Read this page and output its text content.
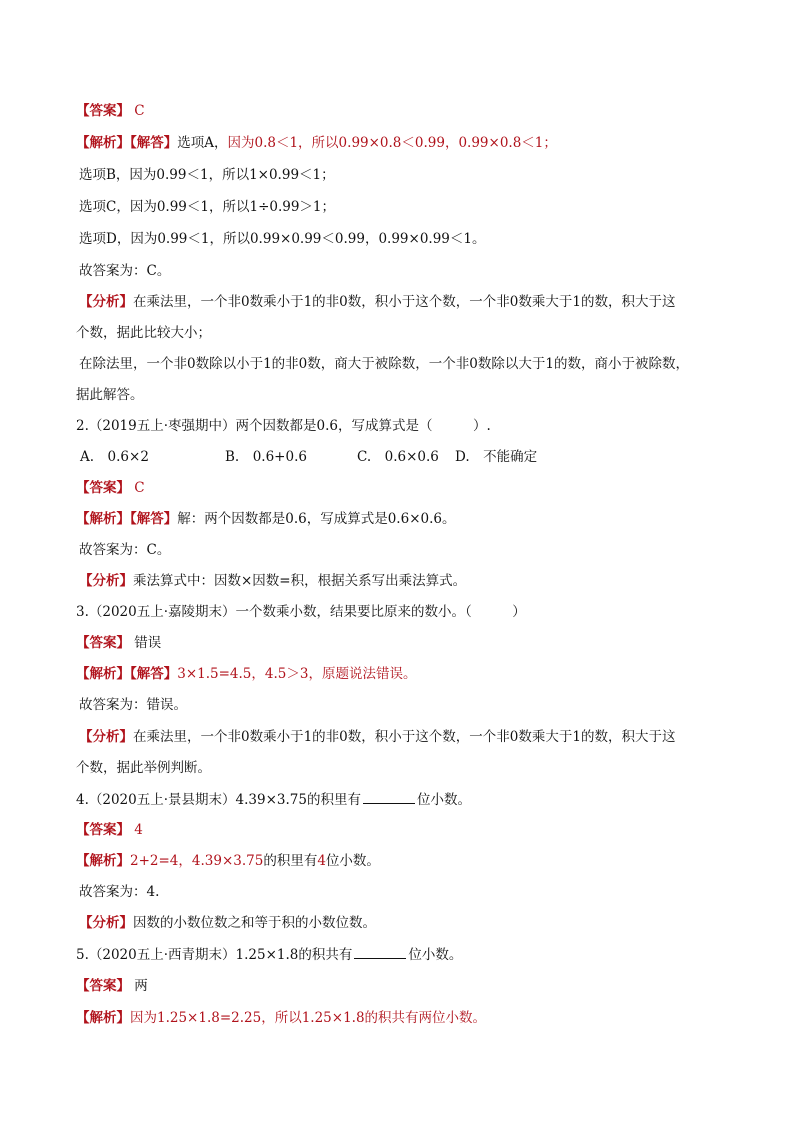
【答案】 C
【解析】【解答】选项A，因为0.8＜1，所以0.99×0.8＜0.99，0.99×0.8＜1；
选项B，因为0.99＜1，所以1×0.99＜1；
选项C，因为0.99＜1，所以1÷0.99＞1；
选项D，因为0.99＜1，所以0.99×0.99＜0.99，0.99×0.99＜1。
故答案为：C。
【分析】在乘法里，一个非0数乘小于1的非0数，积小于这个数，一个非0数乘大于1的数，积大于这
个数，据此比较大小；
在除法里，一个非0数除以小于1的非0数，商大于被除数，一个非0数除以大于1的数，商小于被除数，
据此解答。
2.（2019五上·枣强期中）两个因数都是0.6，写成算式是（　　　）.
A.　0.6×2	B.　0.6+0.6	C.　0.6×0.6 D.　不能确定
【答案】 C
【解析】【解答】解：两个因数都是0.6，写成算式是0.6×0.6。
故答案为：C。
【分析】乘法算式中：因数×因数=积，根据关系写出乘法算式。
3.（2020五上·嘉陵期末）一个数乘小数，结果要比原来的数小。（　　　）
【答案】 错误
【解析】【解答】3×1.5=4.5，4.5＞3，原题说法错误。
故答案为：错误。
【分析】在乘法里，一个非0数乘小于1的非0数，积小于这个数，一个非0数乘大于1的数，积大于这
个数，据此举例判断。
4.（2020五上·景县期末）4.39×3.75的积里有	位小数。
【答案】 4
【解析】2+2=4，4.39×3.75的积里有4位小数。
故答案为：4.
【分析】因数的小数位数之和等于积的小数位数。
5.（2020五上·西青期末）1.25×1.8的积共有	位小数。
【答案】 两
【解析】因为1.25×1.8=2.25，所以1.25×1.8的积共有两位小数。
